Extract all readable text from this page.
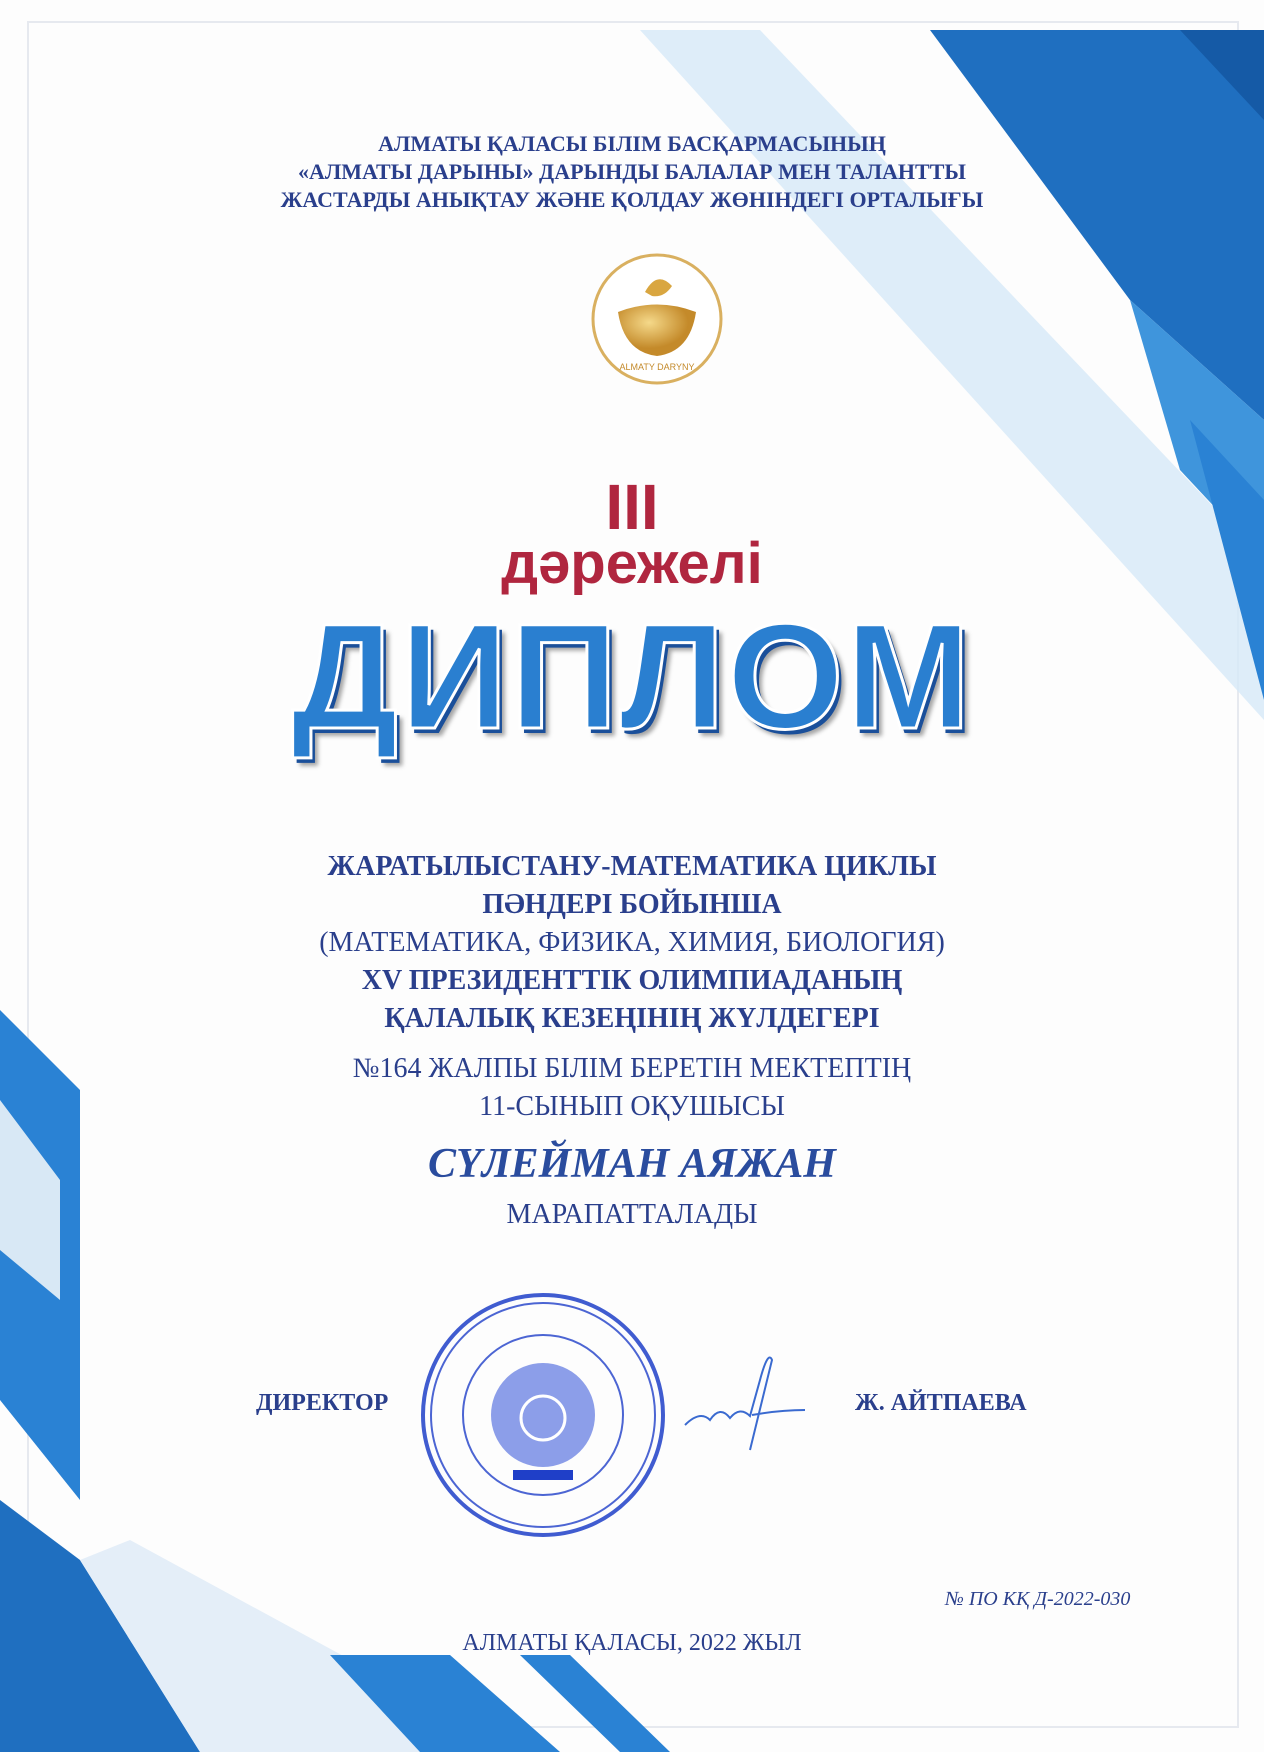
АЛМАТЫ ҚАЛАСЫ БІЛІМ БАСҚАРМАСЫНЫҢ
«АЛМАТЫ ДАРЫНЫ» ДАРЫНДЫ БАЛАЛАР МЕН ТАЛАНТТЫ
ЖАСТАРДЫ АНЫҚТАУ ЖӘНЕ ҚОЛДАУ ЖӨНІНДЕГІ ОРТАЛЫҒЫ
ALMATY DARYNY
III
дәрежелі
ДИПЛОМ
ЖАРАТЫЛЫСТАНУ-МАТЕМАТИКА ЦИКЛЫ
ПӘНДЕРІ БОЙЫНША
(МАТЕМАТИКА, ФИЗИКА, ХИМИЯ, БИОЛОГИЯ)
XV ПРЕЗИДЕНТТІК ОЛИМПИАДАНЫҢ
ҚАЛАЛЫҚ КЕЗЕҢІНІҢ ЖҮЛДЕГЕРІ
№164 ЖАЛПЫ БІЛІМ БЕРЕТІН МЕКТЕПТІҢ
11-СЫНЫП ОҚУШЫСЫ
СҮЛЕЙМАН АЯЖАН
МАРАПАТТАЛАДЫ
ДИРЕКТОР	Ж. АЙТПАЕВА
№ ПО КҚ Д-2022-030
АЛМАТЫ ҚАЛАСЫ, 2022 ЖЫЛ
